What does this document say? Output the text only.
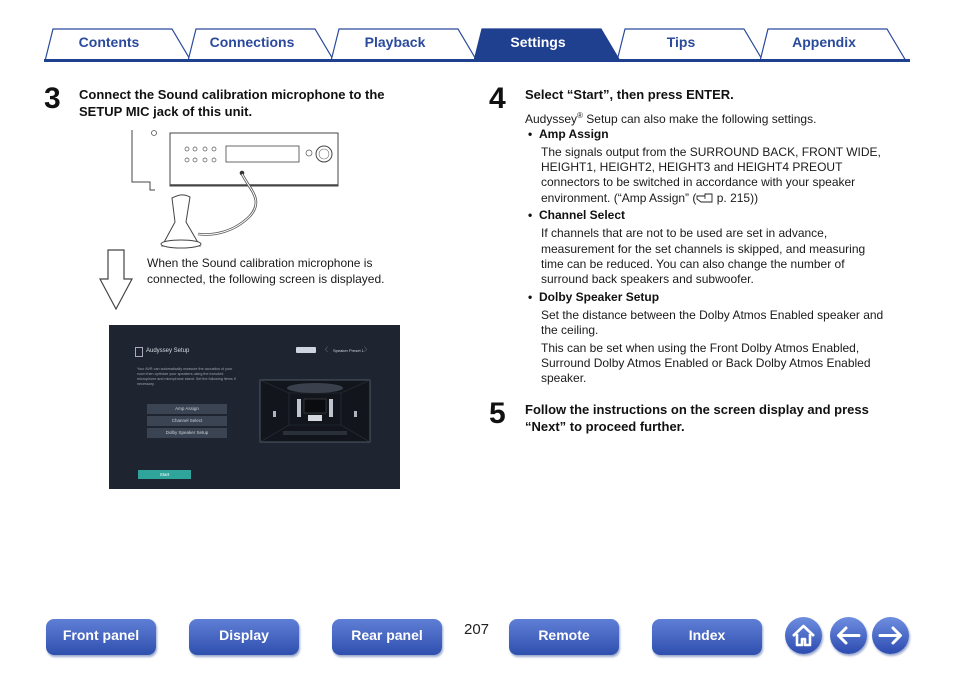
Contents	Connections	Playback	Tips	Appendix
Settings
3 Connect the Sound calibration microphone to the
SETUP MIC jack of this unit.
When the Sound calibration microphone is
connected, the following screen is displayed.
Audyssey Setup	〈 Speaker Preset 1 〉
Your AVR can automatically measure the acoustics of your room then optimize your speakers using the included microphone and microphone stand. Set the following items if necessary.
Amp Assign
Channel Select
Dolby Speaker Setup
Start
4 Select “Start”, then press ENTER.
Audyssey® Setup can also make the following settings.
• Amp Assign
The signals output from the SURROUND BACK, FRONT WIDE,
HEIGHT1, HEIGHT2, HEIGHT3 and HEIGHT4 PREOUT
connectors to be switched in accordance with your speaker
environment. (“Amp Assign” ( p. 215))
• Channel Select
If channels that are not to be used are set in advance,
measurement for the set channels is skipped, and measuring
time can be reduced. You can also change the number of
surround back speakers and subwoofer.
• Dolby Speaker Setup
Set the distance between the Dolby Atmos Enabled speaker and
the ceiling.
This can be set when using the Front Dolby Atmos Enabled,
Surround Dolby Atmos Enabled or Back Dolby Atmos Enabled
speaker.
5 Follow the instructions on the screen display and press
“Next” to proceed further.
Front panel	Display	Rear panel	207	Remote	Index
